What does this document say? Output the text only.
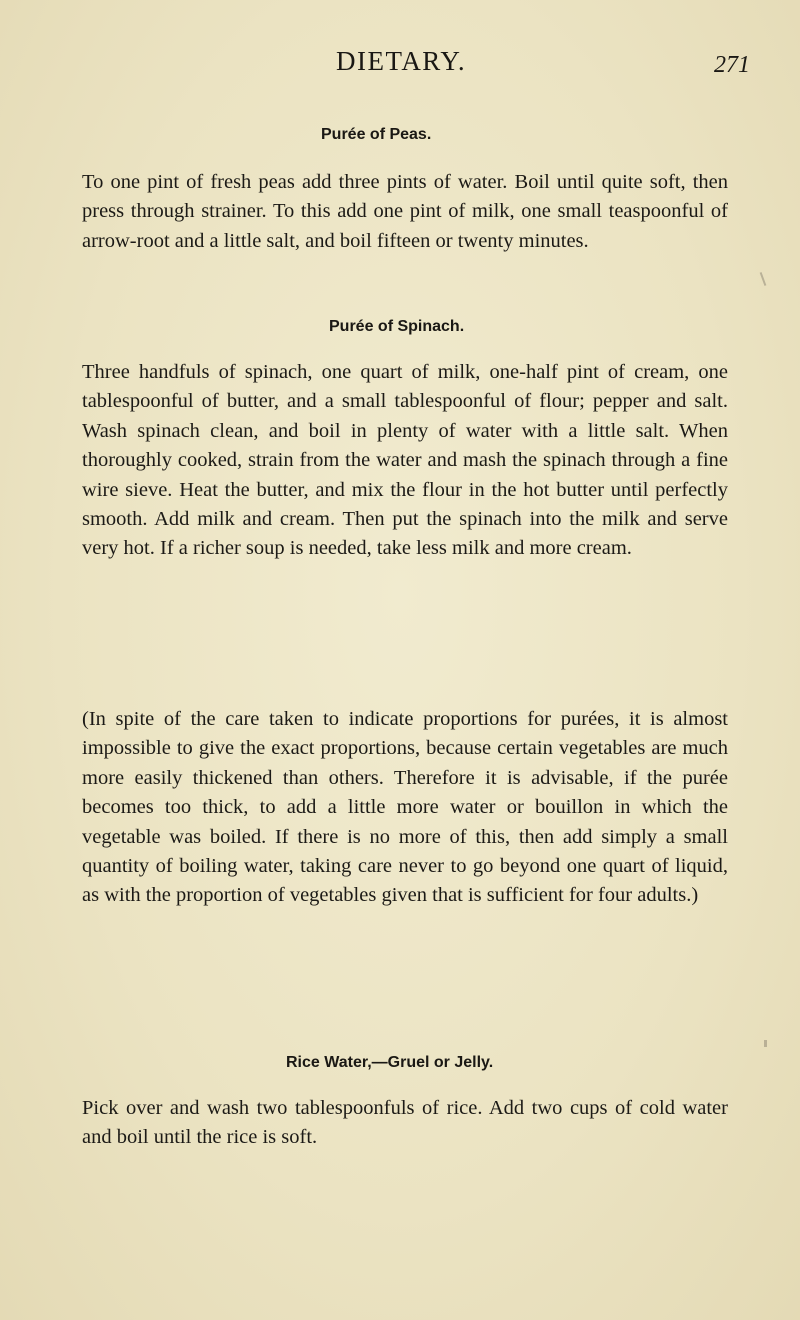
DIETARY.	271
Purée of Peas.
To one pint of fresh peas add three pints of water. Boil until quite soft, then press through strainer. To this add one pint of milk, one small teaspoonful of arrow-root and a little salt, and boil fifteen or twenty minutes.
Purée of Spinach.
Three handfuls of spinach, one quart of milk, one-half pint of cream, one tablespoonful of butter, and a small tablespoonful of flour; pepper and salt. Wash spinach clean, and boil in plenty of water with a little salt. When thoroughly cooked, strain from the water and mash the spinach through a fine wire sieve. Heat the butter, and mix the flour in the hot butter until perfectly smooth. Add milk and cream. Then put the spinach into the milk and serve very hot. If a richer soup is needed, take less milk and more cream.
(In spite of the care taken to indicate proportions for purées, it is almost impossible to give the exact proportions, because certain vegetables are much more easily thickened than others. Therefore it is advisable, if the purée becomes too thick, to add a little more water or bouillon in which the vegetable was boiled. If there is no more of this, then add simply a small quantity of boiling water, taking care never to go beyond one quart of liquid, as with the proportion of vegetables given that is sufficient for four adults.)
Rice Water,—Gruel or Jelly.
Pick over and wash two tablespoonfuls of rice. Add two cups of cold water and boil until the rice is soft.
